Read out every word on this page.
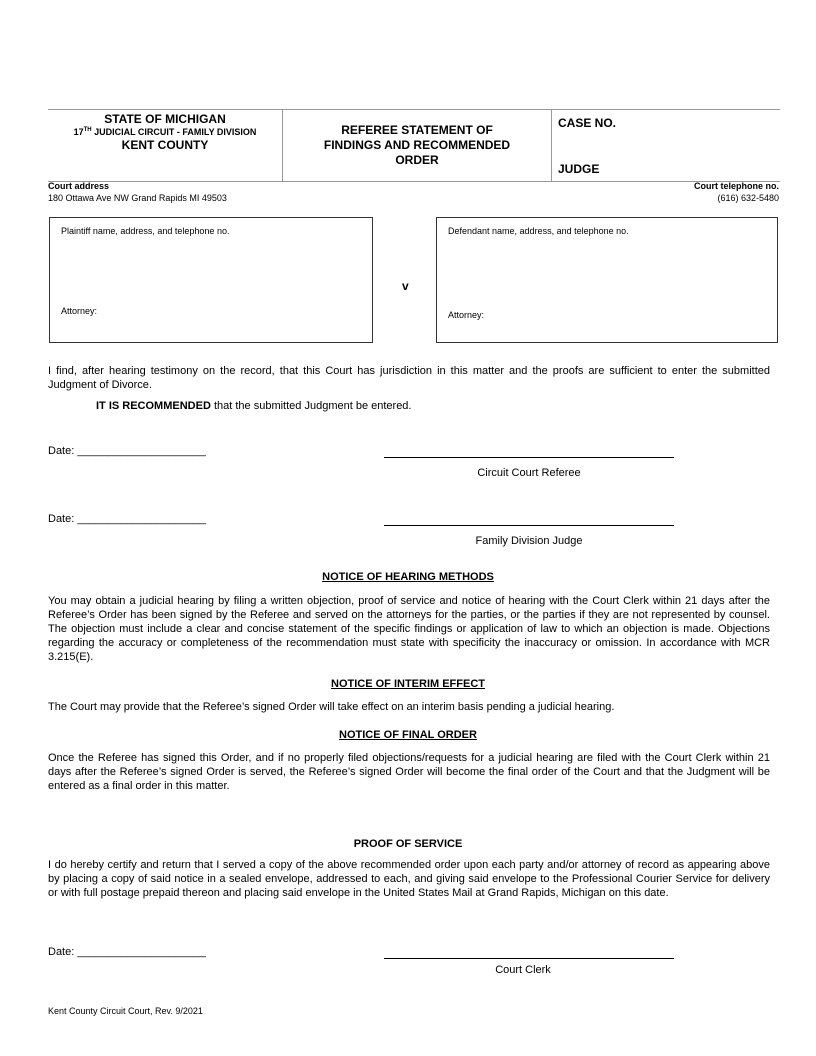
STATE OF MICHIGAN
17TH JUDICIAL CIRCUIT - FAMILY DIVISION
KENT COUNTY
REFEREE STATEMENT OF
FINDINGS AND RECOMMENDED
ORDER
CASE NO.
JUDGE
Court address
180 Ottawa Ave NW Grand Rapids MI 49503
Court telephone no.
(616) 632-5480
Plaintiff name, address, and telephone no.
Attorney:
v
Defendant name, address, and telephone no.
Attorney:
I find, after hearing testimony on the record, that this Court has jurisdiction in this matter and the proofs are sufficient to enter the submitted Judgment of Divorce.
IT IS RECOMMENDED that the submitted Judgment be entered.
Date: _____________________
Circuit Court Referee
Date: _____________________
Family Division Judge
NOTICE OF HEARING METHODS
You may obtain a judicial hearing by filing a written objection, proof of service and notice of hearing with the Court Clerk within 21 days after the Referee’s Order has been signed by the Referee and served on the attorneys for the parties, or the parties if they are not represented by counsel. The objection must include a clear and concise statement of the specific findings or application of law to which an objection is made. Objections regarding the accuracy or completeness of the recommendation must state with specificity the inaccuracy or omission. In accordance with MCR 3.215(E).
NOTICE OF INTERIM EFFECT
The Court may provide that the Referee’s signed Order will take effect on an interim basis pending a judicial hearing.
NOTICE OF FINAL ORDER
Once the Referee has signed this Order, and if no properly filed objections/requests for a judicial hearing are filed with the Court Clerk within 21 days after the Referee’s signed Order is served, the Referee’s signed Order will become the final order of the Court and that the Judgment will be entered as a final order in this matter.
PROOF OF SERVICE
I do hereby certify and return that I served a copy of the above recommended order upon each party and/or attorney of record as appearing above by placing a copy of said notice in a sealed envelope, addressed to each, and giving said envelope to the Professional Courier Service for delivery or with full postage prepaid thereon and placing said envelope in the United States Mail at Grand Rapids, Michigan on this date.
Date: _____________________
Court Clerk
Kent County Circuit Court, Rev. 9/2021
